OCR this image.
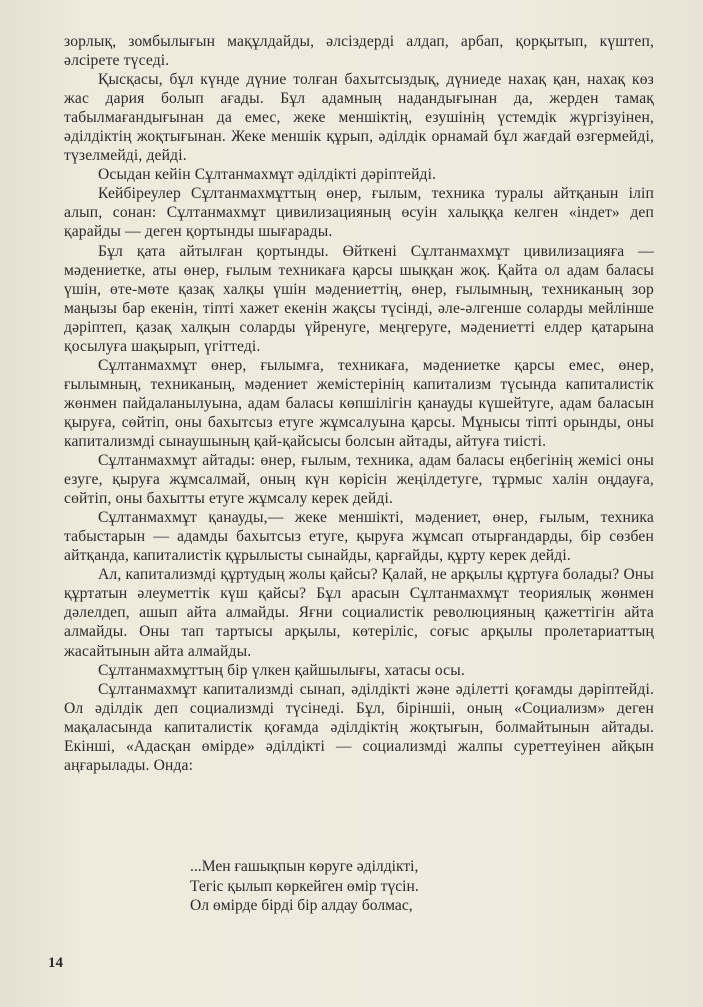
зорлық, зомбылығын мақұлдайды, әлсіздерді алдап, арбап, қорқытып, күштеп, әлсірете түседі.

Қысқасы, бұл күнде дүние толған бахытсыздық, дүниеде нахақ қан, нахақ көз жас дария болып ағады. Бұл адамның надандығынан да, жерден тамақ табылмағандығынан да емес, жеке меншіктің, езушінің үстемдік жүргізуінен, әділдіктің жоқтығынан. Жеке меншік құрып, әділдік орнамай бұл жағдай өзгермейді, түзелмейді, дейді.

Осыдан кейін Сұлтанмахмұт әділдікті дәріптейді.

Кейбіреулер Сұлтанмахмұттың өнер, ғылым, техника туралы айтқанын іліп алып, сонан: Сұлтанмахмұт цивилизацияның өсуін халыққа келген «індет» деп қарайды — деген қортынды шығарады.

Бұл қата айтылған қортынды. Өйткені Сұлтанмахмұт цивилизацияға — мәдениетке, аты өнер, ғылым техникаға қарсы шыққан жоқ. Қайта ол адам баласы үшін, өте-мөте қазақ халқы үшін мәдениеттің, өнер, ғылымның, техниканың зор маңызы бар екенін, тіпті хажет екенін жақсы түсінді, әле-әлгенше соларды мейлінше дәріптеп, қазақ халқын соларды үйренуге, меңгеруге, мәдениетті елдер қатарына қосылуға шақырып, үгіттеді.

Сұлтанмахмұт өнер, ғылымға, техникаға, мәдениетке қарсы емес, өнер, ғылымның, техниканың, мәдениет жемістерінің капитализм түсында капиталистік жөнмен пайдаланылуына, адам баласы көпшілігін қанауды күшейтуге, адам баласын қыруға, сөйтіп, оны бахытсыз етуге жұмсалуына қарсы. Мұнысы тіпті орынды, оны капитализмді сынаушының қай-қайсысы болсын айтады, айтуға тиісті.

Сұлтанмахмұт айтады: өнер, ғылым, техника, адам баласы еңбегінің жемісі оны езуге, қыруға жұмсалмай, оның күн көрісін жеңілдетуге, тұрмыс халін оңдауға, сөйтіп, оны бахытты етуге жұмсалу керек дейді.

Сұлтанмахмұт қанауды,— жеке меншікті, мәдениет, өнер, ғылым, техника табыстарын — адамды бахытсыз етуге, қыруға жұмсап отырғандарды, бір сөзбен айтқанда, капиталистік құрылысты сынайды, қарғайды, құрту керек дейді.

Ал, капитализмді құртудың жолы қайсы? Қалай, не арқылы құртуға болады? Оны құртатын әлеуметтік күш қайсы? Бұл арасын Сұлтанмахмұт теориялық жөнмен дәлелдеп, ашып айта алмайды. Яғни социалистік революцияның қажеттігін айта алмайды. Оны тап тартысы арқылы, көтеріліс, соғыс арқылы пролетариаттың жасайтынын айта алмайды.

Сұлтанмахмұттың бір үлкен қайшылығы, хатасы осы.

Сұлтанмахмұт капитализмді сынап, әділдікті және әділетті қоғамды дәріптейді. Ол әділдік деп социализмді түсінеді. Бұл, біріншіі, оның «Социализм» деген мақаласында капиталистік қоғамда әділдіктің жоқтығын, болмайтынын айтады. Екінші, «Адасқан өмірде» әділдікті — социализмді жалпы суреттеуінен айқын аңғарылады. Онда:

...Мен ғашықпын көруге әділдікті,
Тегіс қылып көркейген өмір түсін.
Ол өмірде бірді бір алдау болмас,
14
